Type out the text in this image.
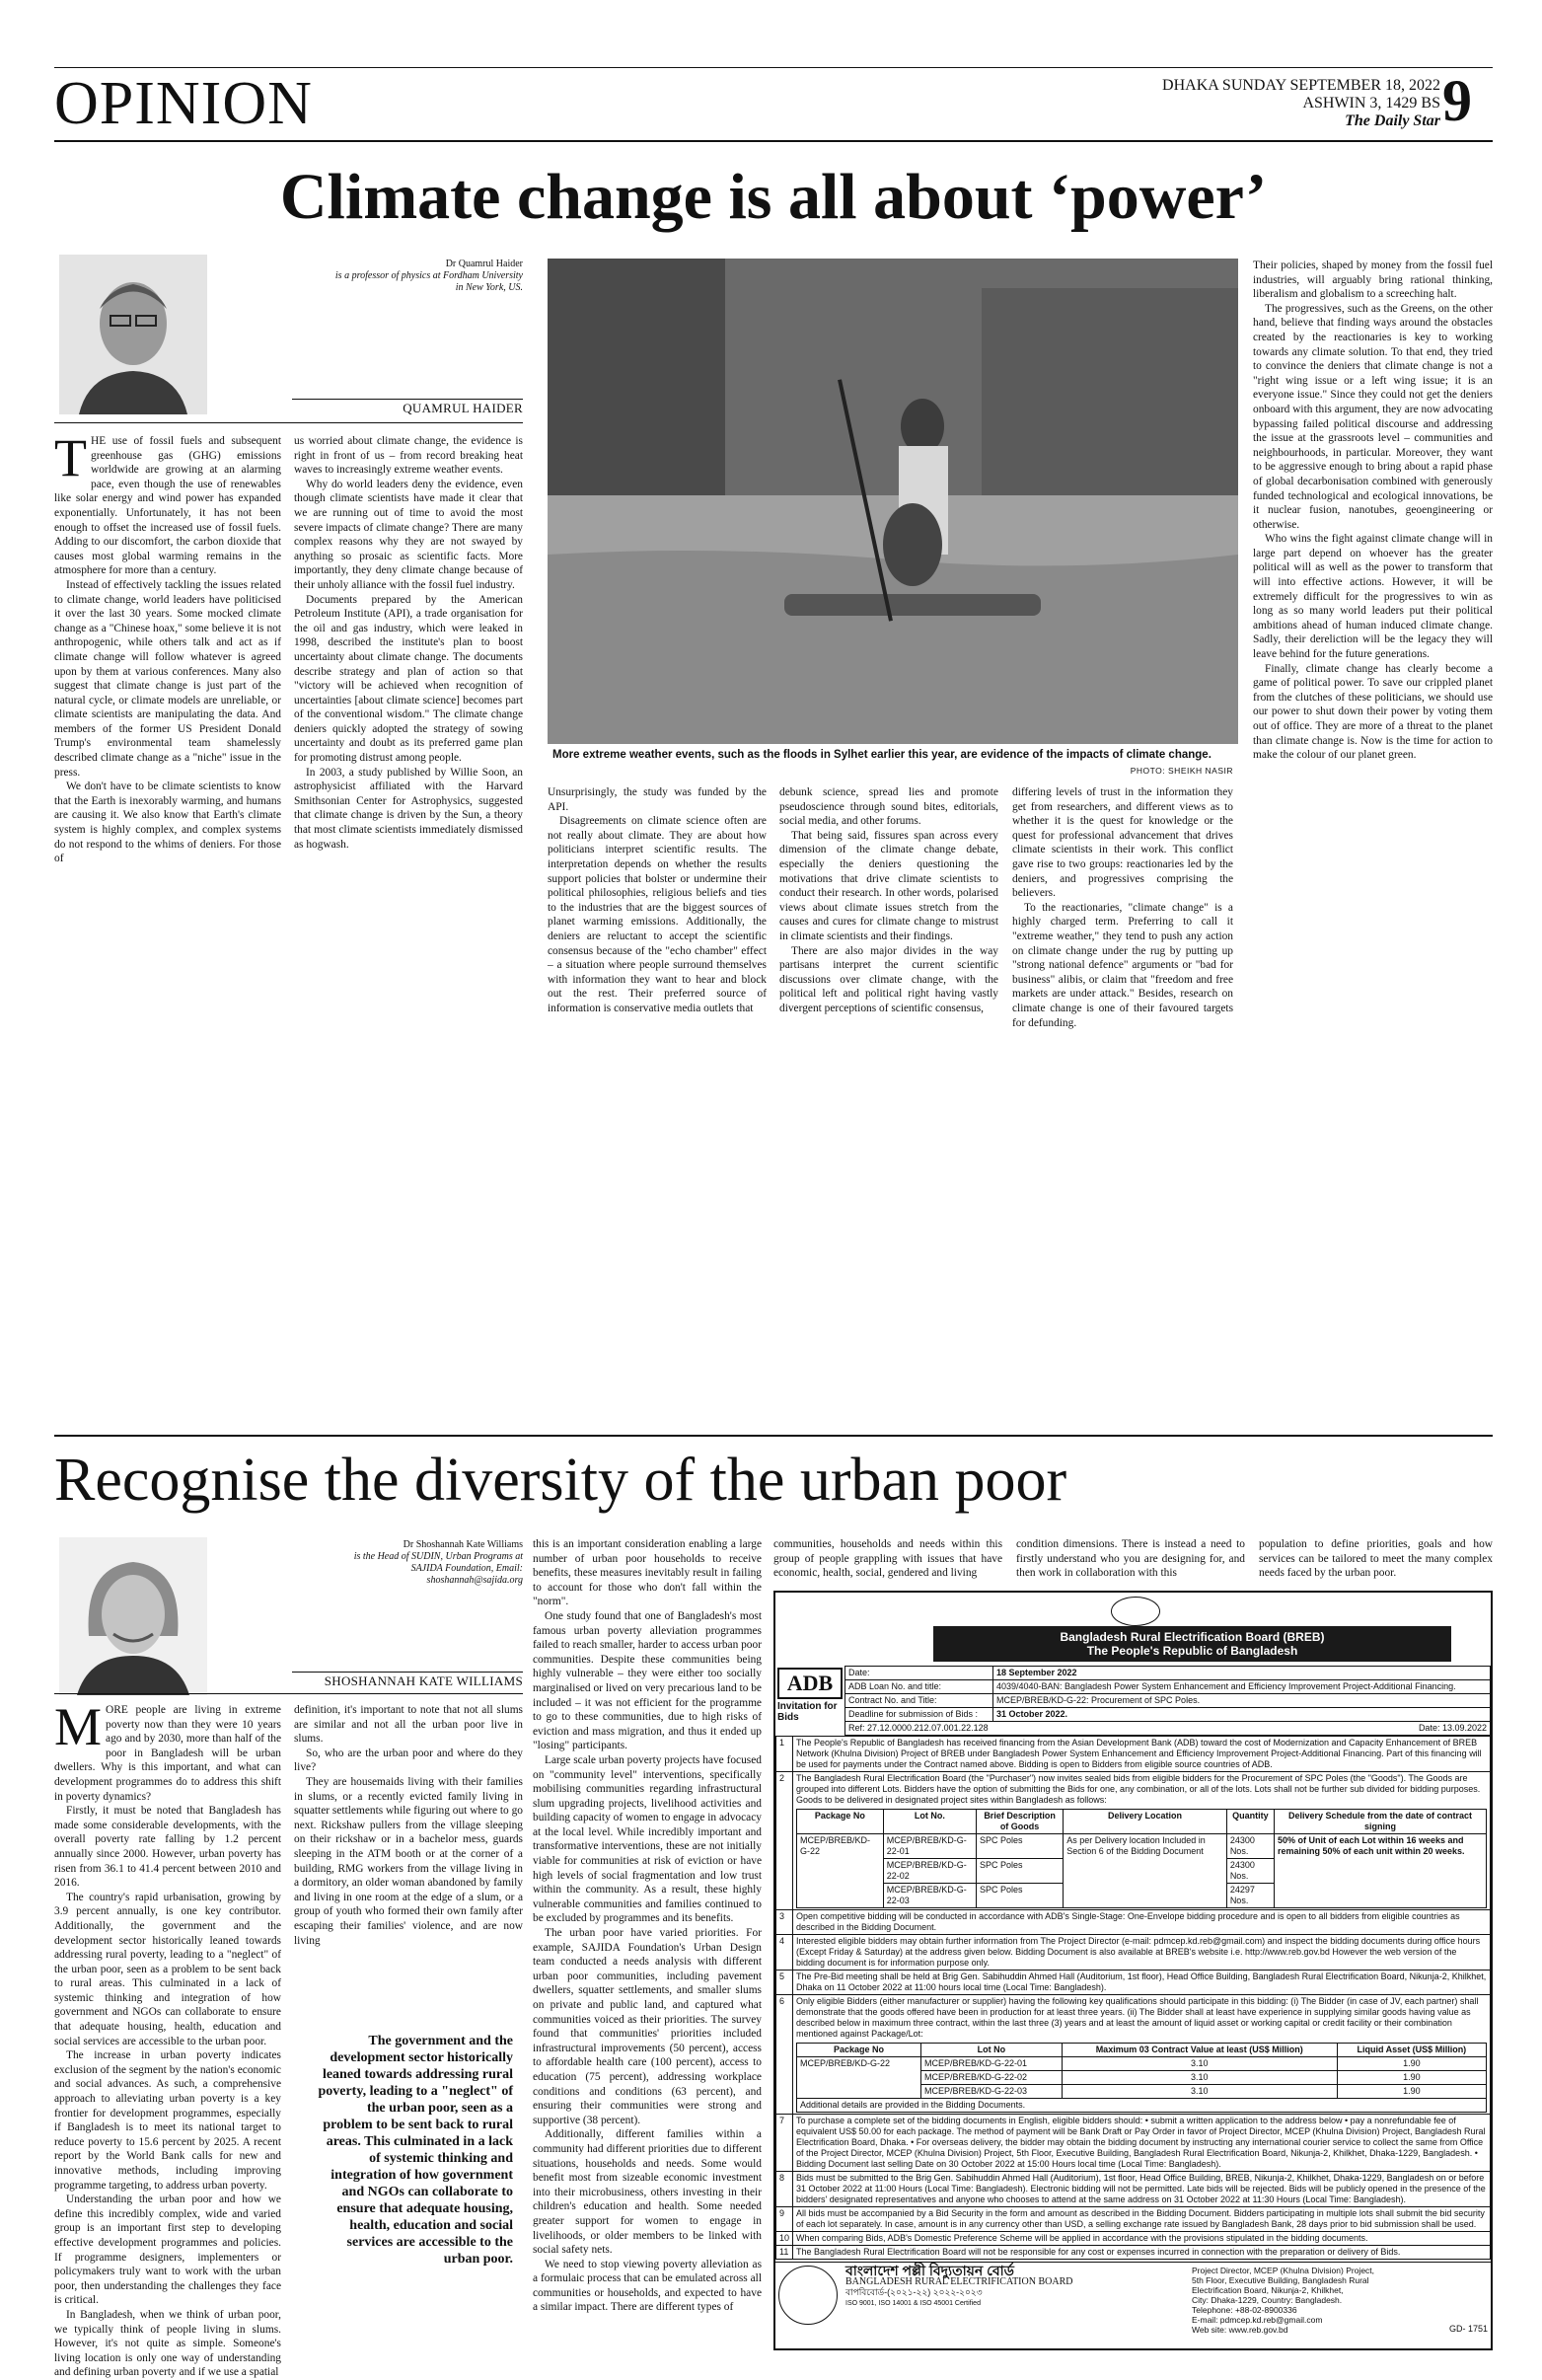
OPINION	DHAKA SUNDAY SEPTEMBER 18, 2022
ASHWIN 3, 1429 BS
The Daily Star 9
Climate change is all about ‘power’
Dr Quamrul Haider
is a professor of physics at Fordham University in New York, US.
QUAMRUL HAIDER

THE use of fossil fuels and subsequent greenhouse gas (GHG) emissions worldwide are growing at an alarming pace, even though the use of renewables like solar energy and wind power has expanded exponentially. Unfortunately, it has not been enough to offset the increased use of fossil fuels. Adding to our discomfort, the carbon dioxide that causes most global warming remains in the atmosphere for more than a century.

Instead of effectively tackling the issues related to climate change, world leaders have politicised it over the last 30 years. Some mocked climate change as a "Chinese hoax," some believe it is not anthropogenic, while others talk and act as if climate change will follow whatever is agreed upon by them at various conferences. Many also suggest that climate change is just part of the natural cycle, or climate models are unreliable, or climate scientists are manipulating the data. And members of the former US President Donald Trump's environmental team shamelessly described climate change as a "niche" issue in the press.

We don't have to be climate scientists to know that the Earth is inexorably warming, and humans are causing it. We also know that Earth's climate system is highly complex, and complex systems do not respond to the whims of deniers. For those of

us worried about climate change, the evidence is right in front of us – from record breaking heat waves to increasingly extreme weather events.

Why do world leaders deny the evidence, even though climate scientists have made it clear that we are running out of time to avoid the most severe impacts of climate change? There are many complex reasons why they are not swayed by anything so prosaic as scientific facts. More importantly, they deny climate change because of their unholy alliance with the fossil fuel industry.

Documents prepared by the American Petroleum Institute (API), a trade organisation for the oil and gas industry, which were leaked in 1998, described the institute's plan to boost uncertainty about climate change. The documents describe strategy and plan of action so that "victory will be achieved when recognition of uncertainties [about climate science] becomes part of the conventional wisdom." The climate change deniers quickly adopted the strategy of sowing uncertainty and doubt as its preferred game plan for promoting distrust among people.

In 2003, a study published by Willie Soon, an astrophysicist affiliated with the Harvard Smithsonian Center for Astrophysics, suggested that climate change is driven by the Sun, a theory that most climate scientists immediately dismissed as hogwash.

More extreme weather events, such as the floods in Sylhet earlier this year, are evidence of the impacts of climate change.
PHOTO: SHEIKH NASIR

Unsurprisingly, the study was funded by the API.

Disagreements on climate science often are not really about climate. They are about how politicians interpret scientific results. The interpretation depends on whether the results support policies that bolster or undermine their political philosophies, religious beliefs and ties to the industries that are the biggest sources of planet warming emissions. Additionally, the deniers are reluctant to accept the scientific consensus because of the "echo chamber" effect – a situation where people surround themselves with information they want to hear and block out the rest. Their preferred source of information is conservative media outlets that

debunk science, spread lies and promote pseudoscience through sound bites, editorials, social media, and other forums.

That being said, fissures span across every dimension of the climate change debate, especially the deniers questioning the motivations that drive climate scientists to conduct their research. In other words, polarised views about climate issues stretch from the causes and cures for climate change to mistrust in climate scientists and their findings.

There are also major divides in the way partisans interpret the current scientific discussions over climate change, with the political left and political right having vastly divergent perceptions of scientific consensus,

differing levels of trust in the information they get from researchers, and different views as to whether it is the quest for knowledge or the quest for professional advancement that drives climate scientists in their work. This conflict gave rise to two groups: reactionaries led by the deniers, and progressives comprising the believers.

To the reactionaries, "climate change" is a highly charged term. Preferring to call it "extreme weather," they tend to push any action on climate change under the rug by putting up "strong national defence" arguments or "bad for business" alibis, or claim that "freedom and free markets are under attack." Besides, research on climate change is one of their favoured targets for defunding.

Their policies, shaped by money from the fossil fuel industries, will arguably bring rational thinking, liberalism and globalism to a screeching halt.

The progressives, such as the Greens, on the other hand, believe that finding ways around the obstacles created by the reactionaries is key to working towards any climate solution. To that end, they tried to convince the deniers that climate change is not a "right wing issue or a left wing issue; it is an everyone issue." Since they could not get the deniers onboard with this argument, they are now advocating bypassing failed political discourse and addressing the issue at the grassroots level – communities and neighbourhoods, in particular. Moreover, they want to be aggressive enough to bring about a rapid phase of global decarbonisation combined with generously funded technological and ecological innovations, be it nuclear fusion, nanotubes, geoengineering or otherwise.

Who wins the fight against climate change will in large part depend on whoever has the greater political will as well as the power to transform that will into effective actions. However, it will be extremely difficult for the progressives to win as long as so many world leaders put their political ambitions ahead of human induced climate change. Sadly, their dereliction will be the legacy they will leave behind for the future generations.

Finally, climate change has clearly become a game of political power. To save our crippled planet from the clutches of these politicians, we should use our power to shut down their power by voting them out of office. They are more of a threat to the planet than climate change is. Now is the time for action to make the colour of our planet green.

Recognise the diversity of the urban poor
Dr Shoshannah Kate Williams
is the Head of SUDIN, Urban Programs at SAJIDA Foundation, Email: shoshannah@sajida.org
SHOSHANNAH KATE WILLIAMS

MORE people are living in extreme poverty now than they were 10 years ago and by 2030, more than half of the poor in Bangladesh will be urban dwellers. Why is this important, and what can development programmes do to address this shift in poverty dynamics?

Firstly, it must be noted that Bangladesh has made some considerable developments, with the overall poverty rate falling by 1.2 percent annually since 2000. However, urban poverty has risen from 36.1 to 41.4 percent between 2010 and 2016.

The country's rapid urbanisation, growing by 3.9 percent annually, is one key contributor. Additionally, the government and the development sector historically leaned towards addressing rural poverty, leading to a "neglect" of the urban poor, seen as a problem to be sent back to rural areas. This culminated in a lack of systemic thinking and integration of how government and NGOs can collaborate to ensure that adequate housing, health, education and social services are accessible to the urban poor.

The increase in urban poverty indicates exclusion of the segment by the nation's economic and social advances. As such, a comprehensive approach to alleviating urban poverty is a key frontier for development programmes, especially if Bangladesh is to meet its national target to reduce poverty to 15.6 percent by 2025. A recent report by the World Bank calls for new and innovative methods, including improving programme targeting, to address urban poverty.

Understanding the urban poor and how we define this incredibly complex, wide and varied group is an important first step to developing effective development programmes and policies. If programme designers, implementers or policymakers truly want to work with the urban poor, then understanding the challenges they face is critical.

In Bangladesh, when we think of urban poor, we typically think of people living in slums. However, it's not quite as simple. Someone's living location is only one way of understanding and defining urban poverty and if we use a spatial

definition, it's important to note that not all slums are similar and not all the urban poor live in slums.

So, who are the urban poor and where do they live?

They are housemaids living with their families in slums, or a recently evicted family living in squatter settlements while figuring out where to go next. Rickshaw pullers from the village sleeping on their rickshaw or in a bachelor mess, guards sleeping in the ATM booth or at the corner of a building, RMG workers from the village living in a dormitory, an older woman abandoned by family and living in one room at the edge of a slum, or a group of youth who formed their own family after escaping their families' violence, and are now living

The government and the development sector historically leaned towards addressing rural poverty, leading to a "neglect" of the urban poor, seen as a problem to be sent back to rural areas. This culminated in a lack of systemic thinking and integration of how government and NGOs can collaborate to ensure that adequate housing, health, education and social services are accessible to the urban poor.

this is an important consideration enabling a large number of urban poor households to receive benefits, these measures inevitably result in failing to account for those who don't fall within the "norm".

One study found that one of Bangladesh's most famous urban poverty alleviation programmes failed to reach smaller, harder to access urban poor communities. Despite these communities being highly vulnerable – they were either too socially marginalised or lived on very precarious land to be included – it was not efficient for the programme to go to these communities, due to high risks of eviction and mass migration, and thus it ended up "losing" participants.

Large scale urban poverty projects have focused on "community level" interventions, specifically mobilising communities regarding infrastructural slum upgrading projects, livelihood activities and building capacity of women to engage in advocacy at the local level. While incredibly important and transformative interventions, these are not initially viable for communities at risk of eviction or have high levels of social fragmentation and low trust within the community. As a result, these highly vulnerable communities and families continued to be excluded by programmes and its benefits.

The urban poor have varied priorities. For example, SAJIDA Foundation's Urban Design team conducted a needs analysis with different urban poor communities, including pavement dwellers, squatter settlements, and smaller slums on private and public land, and captured what communities voiced as their priorities. The survey found that communities' priorities included infrastructural improvements (50 percent), access to affordable health care (100 percent), access to education (75 percent), addressing workplace conditions and conditions (63 percent), and ensuring their communities were strong and supportive (38 percent).

Additionally, different families within a community had different priorities due to different situations, households and needs. Some would benefit most from sizeable economic investment into their microbusiness, others investing in their children's education and health. Some needed greater support for women to engage in livelihoods, or older members to be linked with social safety nets.

We need to stop viewing poverty alleviation as a formulaic process that can be emulated across all communities or households, and expected to have a similar impact. There are different types of

communities, households and needs within this group of people grappling with issues that have economic, health, social, gendered and living

condition dimensions. There is instead a need to firstly understand who you are designing for, and then work in collaboration with this

population to define priorities, goals and how services can be tailored to meet the many complex needs faced by the urban poor.

Bangladesh Rural Electrification Board (BREB)
The People's Republic of Bangladesh
ADB
Invitation for Bids
Date:	18 September 2022
ADB Loan No. and title:	4039/4040-BAN: Bangladesh Power System Enhancement and Efficiency Improvement Project-Additional Financing.
Contract No. and Title:	MCEP/BREB/KD-G-22: Procurement of SPC Poles.
Deadline for submission of Bids :	31 October 2022.
Ref: 27.12.0000.212.07.001.22.128 Date: 13.09.2022	
1	The People's Republic of Bangladesh has received financing from the Asian Development Bank (ADB) toward the cost of Modernization and Capacity Enhancement of BREB Network (Khulna Division) Project of BREB under Bangladesh Power System Enhancement and Efficiency Improvement Project-Additional Financing. Part of this financing will be used for payments under the Contract named above. Bidding is open to Bidders from eligible source countries of ADB.
2	The Bangladesh Rural Electrification Board (the "Purchaser") now invites sealed bids from eligible bidders for the Procurement of SPC Poles (the "Goods"). The Goods are grouped into different Lots. Bidders have the option of submitting the Bids for one, any combination, or all of the lots. Lots shall not be further sub divided for bidding purposes. Goods to be delivered in designated project sites within Bangladesh as follows:
Package No	Lot No.	Brief Description of Goods	Delivery Location	Quantity	Delivery Schedule from the date of contract signing
MCEP/BREB/KD-G-22	MCEP/BREB/KD-G-22-01	SPC Poles	As per Delivery location Included in Section 6 of the Bidding Document	24300 Nos.	50% of Unit of each Lot within 16 weeks and remaining 50% of each unit within 20 weeks.
MCEP/BREB/KD-G-22-02	SPC Poles	24300 Nos.
MCEP/BREB/KD-G-22-03	SPC Poles	24297 Nos.

3	Open competitive bidding will be conducted in accordance with ADB's Single-Stage: One-Envelope bidding procedure and is open to all bidders from eligible countries as described in the Bidding Document.
4	Interested eligible bidders may obtain further information from The Project Director (e-mail: pdmcep.kd.reb@gmail.com) and inspect the bidding documents during office hours (Except Friday & Saturday) at the address given below. Bidding Document is also available at BREB's website i.e. http://www.reb.gov.bd However the web version of the bidding document is for information purpose only.
5	The Pre-Bid meeting shall be held at Brig Gen. Sabihuddin Ahmed Hall (Auditorium, 1st floor), Head Office Building, Bangladesh Rural Electrification Board, Nikunja-2, Khilkhet, Dhaka on 11 October 2022 at 11:00 hours local time (Local Time: Bangladesh).
6	Only eligible Bidders (either manufacturer or supplier) having the following key qualifications should participate in this bidding: (i) The Bidder (in case of JV, each partner) shall demonstrate that the goods offered have been in production for at least three years. (ii) The Bidder shall at least have experience in supplying similar goods having value as described below in maximum three contract, within the last three (3) years and at least the amount of liquid asset or working capital or credit facility or their combination mentioned against Package/Lot:
Package No	Lot No	Maximum 03 Contract Value at least (US$ Million)	Liquid Asset (US$ Million)
MCEP/BREB/KD-G-22	MCEP/BREB/KD-G-22-01	3.10	1.90
MCEP/BREB/KD-G-22-02	3.10	1.90
MCEP/BREB/KD-G-22-03	3.10	1.90
Additional details are provided in the Bidding Documents.

7	To purchase a complete set of the bidding documents in English, eligible bidders should: • submit a written application to the address below • pay a nonrefundable fee of equivalent US$ 50.00 for each package. The method of payment will be Bank Draft or Pay Order in favor of Project Director, MCEP (Khulna Division) Project, Bangladesh Rural Electrification Board, Dhaka. • For overseas delivery, the bidder may obtain the bidding document by instructing any international courier service to collect the same from Office of the Project Director, MCEP (Khulna Division) Project, 5th Floor, Executive Building, Bangladesh Rural Electrification Board, Nikunja-2, Khilkhet, Dhaka-1229, Bangladesh. • Bidding Document last selling Date on 30 October 2022 at 15:00 Hours local time (Local Time: Bangladesh).
8	Bids must be submitted to the Brig Gen. Sabihuddin Ahmed Hall (Auditorium), 1st floor, Head Office Building, BREB, Nikunja-2, Khilkhet, Dhaka-1229, Bangladesh on or before 31 October 2022 at 11:00 Hours (Local Time: Bangladesh). Electronic bidding will not be permitted. Late bids will be rejected. Bids will be publicly opened in the presence of the bidders' designated representatives and anyone who chooses to attend at the same address on 31 October 2022 at 11:30 Hours (Local Time: Bangladesh).
9	All bids must be accompanied by a Bid Security in the form and amount as described in the Bidding Document. Bidders participating in multiple lots shall submit the bid security of each lot separately. In case, amount is in any currency other than USD, a selling exchange rate issued by Bangladesh Bank, 28 days prior to bid submission shall be used.
10	When comparing Bids, ADB's Domestic Preference Scheme will be applied in accordance with the provisions stipulated in the bidding documents.
11	The Bangladesh Rural Electrification Board will not be responsible for any cost or expenses incurred in connection with the preparation or delivery of Bids.
বাংলাদেশ পল্লী বিদ্যুতায়ন বোর্ড
BANGLADESH RURAL ELECTRIFICATION BOARD
বাপবিবোর্ড-(২০২১-২২) ২০২২-২০২৩
ISO 9001, ISO 14001 & ISO 45001 Certified
Project Director, MCEP (Khulna Division) Project,
5th Floor, Executive Building, Bangladesh Rural
Electrification Board, Nikunja-2, Khilkhet,
City: Dhaka-1229, Country: Bangladesh.
Telephone: +88-02-8900336
E-mail: pdmcep.kd.reb@gmail.com
Web site: www.reb.gov.bd	GD- 1751
